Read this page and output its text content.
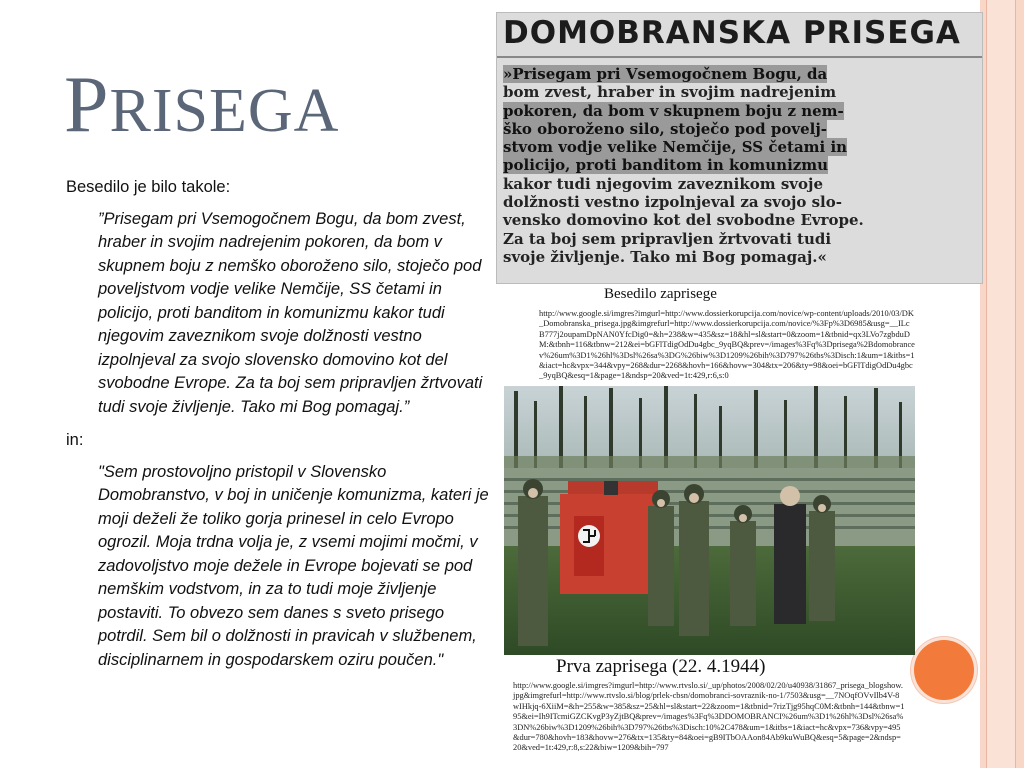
PRISEGA

Besedilo je bilo takole:

”Prisegam pri Vsemogočnem Bogu, da bom zvest, hraber in svojim nadrejenim pokoren, da bom v skupnem boju z nemško oboroženo silo, stoječo pod poveljstvom vodje velike Nemčije, SS četami in policijo, proti banditom in komunizmu kakor tudi njegovim zaveznikom svoje dolžnosti vestno izpolnjeval za svojo slovensko domovino kot del svobodne Evrope. Za ta boj sem pripravljen žrtvovati tudi svoje življenje. Tako mi Bog pomagaj.”

in:

"Sem prostovoljno pristopil v Slovensko Domobranstvo, v boj in uničenje komunizma, kateri je moji deželi že toliko gorja prinesel in celo Evropo ogrozil. Moja trdna volja je, z vsemi mojimi močmi, v zadovoljstvo moje dežele in Evrope bojevati se pod nemškim vodstvom, in za to tudi moje življenje postaviti. To obvezo sem danes s sveto prisego potrdil. Sem bil o dolžnosti in pravicah v službenem, disciplinarnem in gospodarskem oziru poučen."

DOMOBRANSKA PRISEGA
»Prisegam pri Vsemogočnem Bogu, da
bom zvest, hraber in svojim nadrejenim
pokoren, da bom v skupnem boju z nem-
ško oboroženo silo, stoječo pod povelj-
stvom vodje velike Nemčije, SS četami in
policijo, proti banditom in komunizmu
kakor tudi njegovim zaveznikom svoje
dolžnosti vestno izpolnjeval za svojo slo-
vensko domovino kot del svobodne Evrope.
Za ta boj sem pripravljen žrtvovati tudi
svoje življenje. Tako mi Bog pomagaj.«
Besedilo zaprisege
http://www.google.si/imgres?imgurl=http://www.dossierkorupcija.com/novice/wp-content/uploads/2010/03/DK_Domobranska_prisega.jpg&imgrefurl=http://www.dossierkorupcija.com/novice/%3Fp%3D6985&usg=__ILcB777j2oupamDpNAN0YfcDig0=&h=238&w=435&sz=18&hl=sl&start=0&zoom=1&tbnid=qx3LVo7zgbduDM:&tbnh=116&tbnw=212&ei=bGFlTdigOdDu4gbc_9yqBQ&prev=/images%3Fq%3Dprisega%2Bdomobrancev%26um%3D1%26hl%3Dsl%26sa%3DG%26biw%3D1209%26bih%3D797%26tbs%3Disch:1&um=1&itbs=1&iact=hc&vpx=344&vpy=268&dur=2268&hovh=166&hovw=304&tx=206&ty=98&oei=bGFlTdigOdDu4gbc_9yqBQ&esq=1&page=1&ndsp=20&ved=1t:429,r:6,s:0
Prva zaprisega (22. 4.1944)
http://www.google.si/imgres?imgurl=http://www.rtvslo.si/_up/photos/2008/02/20/u40938/31867_prisega_blogshow.jpg&imgrefurl=http://www.rtvslo.si/blog/prlek-cbsn/domobranci-sovraznik-no-1/7503&usg=__7NOqfOVvIlb4V-8wIHkjq-6XiiM=&h=255&w=385&sz=25&hl=sl&start=22&zoom=1&tbnid=7rizTjg95hqC0M:&tbnh=144&tbnw=195&ei=Ih9ITcmiGZCKvgP3yZjtBQ&prev=/images%3Fq%3DDOMOBRANCI%26um%3D1%26hl%3Dsl%26sa%3DN%26biw%3D1209%26bih%3D797%26tbs%3Disch:10%2C478&um=1&itbs=1&iact=hc&vpx=736&vpy=495&dur=780&hovh=183&hovw=276&tx=135&ty=84&oei=gB9ITbOAAon84Ab9kuWuBQ&esq=5&page=2&ndsp=20&ved=1t:429,r:8,s:22&biw=1209&bih=797
